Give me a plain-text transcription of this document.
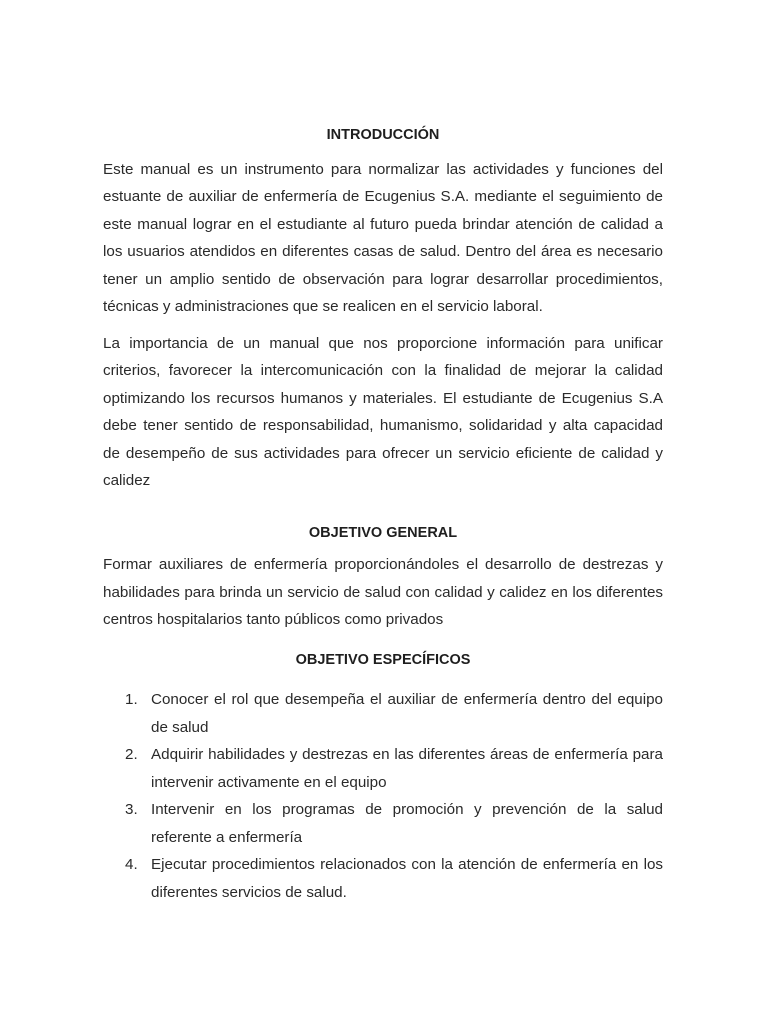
INTRODUCCIÓN

Este manual es un instrumento para normalizar las actividades y funciones del estuante de auxiliar de enfermería de Ecugenius S.A. mediante el seguimiento de este manual lograr en el estudiante al futuro pueda brindar atención de calidad a los usuarios atendidos en diferentes casas de salud. Dentro del área es necesario tener un amplio sentido de observación para lograr desarrollar procedimientos, técnicas y administraciones que se realicen en el servicio laboral.

La importancia de un manual que nos proporcione información para unificar criterios, favorecer la intercomunicación con la finalidad de mejorar la calidad optimizando los recursos humanos y materiales. El estudiante de Ecugenius S.A debe tener sentido de responsabilidad, humanismo, solidaridad y alta capacidad de desempeño de sus actividades para ofrecer un servicio eficiente de calidad y calidez

OBJETIVO GENERAL

Formar auxiliares de enfermería proporcionándoles el desarrollo de destrezas y habilidades para brinda un servicio de salud con calidad y calidez en los diferentes centros hospitalarios tanto públicos como privados

OBJETIVO ESPECÍFICOS
1. Conocer el rol que desempeña el auxiliar de enfermería dentro del equipo de salud
2. Adquirir habilidades y destrezas en las diferentes áreas de enfermería para intervenir activamente en el equipo
3. Intervenir en los programas de promoción y prevención de la salud referente a enfermería
4. Ejecutar procedimientos relacionados con la atención de enfermería en los diferentes servicios de salud.
